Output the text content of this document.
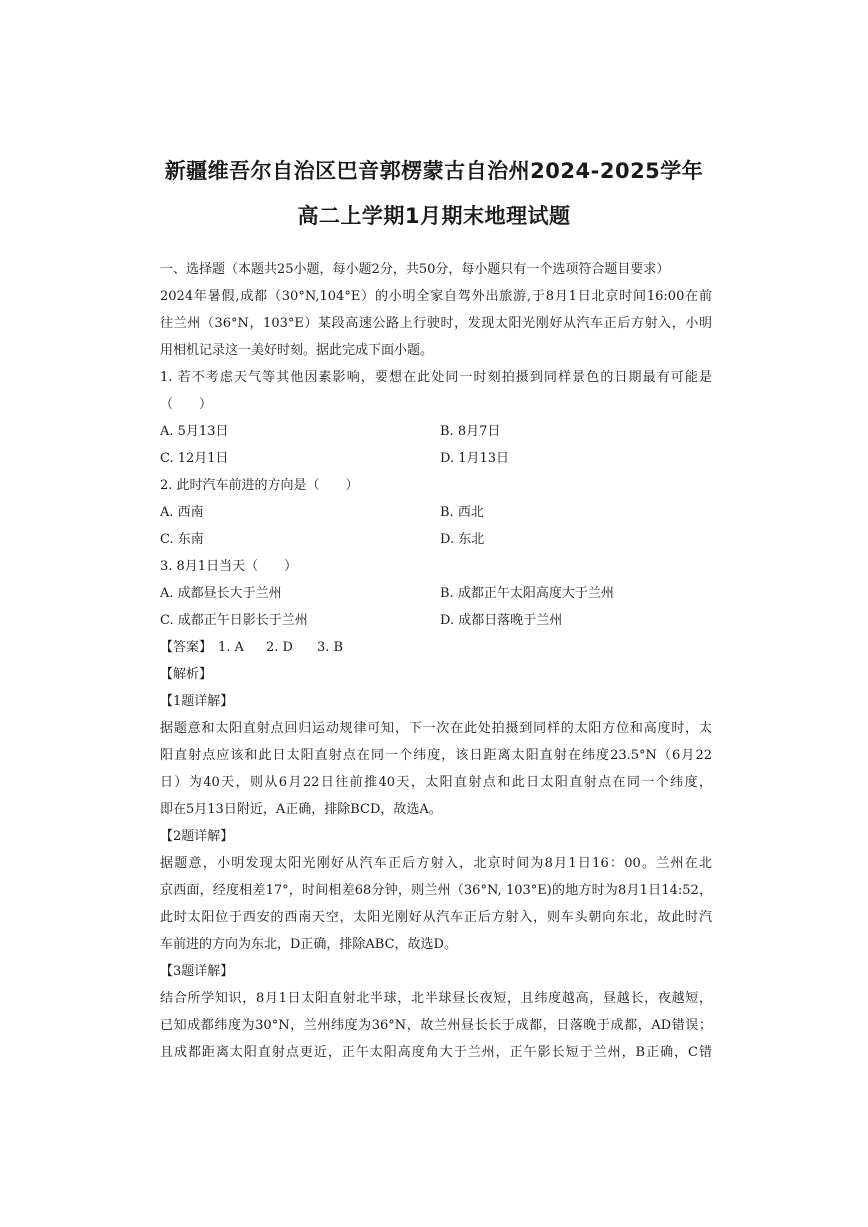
新疆维吾尔自治区巴音郭楞蒙古自治州2024-2025学年
高二上学期1月期末地理试题
一、选择题（本题共25小题，每小题2分，共50分，每小题只有一个选项符合题目要求）
2024年暑假,成都（30°N,104°E）的小明全家自驾外出旅游,于8月1日北京时间16:00在前
往兰州（36°N，103°E）某段高速公路上行驶时，发现太阳光刚好从汽车正后方射入，小明
用相机记录这一美好时刻。据此完成下面小题。
1. 若不考虑天气等其他因素影响，要想在此处同一时刻拍摄到同样景色的日期最有可能是
（　　）
A. 5月13日	B. 8月7日
C. 12月1日	D. 1月13日
2. 此时汽车前进的方向是（　　）
A. 西南	B. 西北
C. 东南	D. 东北
3. 8月1日当天（　　）
A. 成都昼长大于兰州	B. 成都正午太阳高度大于兰州
C. 成都正午日影长于兰州	D. 成都日落晚于兰州
【答案】 1. A 2. D 3. B
【解析】
【1题详解】
据题意和太阳直射点回归运动规律可知，下一次在此处拍摄到同样的太阳方位和高度时，太
阳直射点应该和此日太阳直射点在同一个纬度，该日距离太阳直射在纬度23.5°N（6月22
日）为40天，则从6月22日往前推40天，太阳直射点和此日太阳直射点在同一个纬度，
即在5月13日附近，A正确，排除BCD，故选A。
【2题详解】
据题意，小明发现太阳光刚好从汽车正后方射入，北京时间为8月1日16：00。兰州在北
京西面，经度相差17°，时间相差68分钟，则兰州（36°N, 103°E)的地方时为8月1日14:52，
此时太阳位于西安的西南天空，太阳光刚好从汽车正后方射入，则车头朝向东北，故此时汽
车前进的方向为东北，D正确，排除ABC，故选D。
【3题详解】
结合所学知识，8月1日太阳直射北半球，北半球昼长夜短，且纬度越高，昼越长，夜越短，
已知成都纬度为30°N，兰州纬度为36°N，故兰州昼长长于成都，日落晚于成都，AD错误；
且成都距离太阳直射点更近，正午太阳高度角大于兰州，正午影长短于兰州，B正确，C错
